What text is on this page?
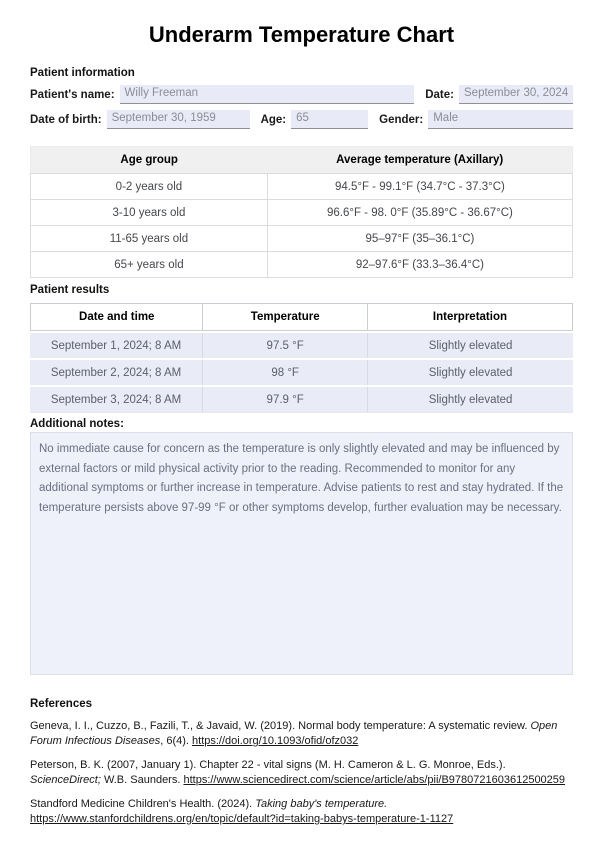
Underarm Temperature Chart
Patient information
Patient's name: Willy Freeman	Date: September 30, 2024
Date of birth: September 30, 1959	Age: 65	Gender: Male
Age group	Average temperature (Axillary)
0-2 years old	94.5°F - 99.1°F (34.7°C - 37.3°C)
3-10 years old	96.6°F - 98. 0°F (35.89°C - 36.67°C)
11-65 years old	95–97°F (35–36.1°C)
65+ years old	92–97.6°F (33.3–36.4°C)
Patient results
Date and time	Temperature	Interpretation
September 1, 2024; 8 AM	97.5 °F	Slightly elevated
September 2, 2024; 8 AM	98 °F	Slightly elevated
September 3, 2024; 8 AM	97.9 °F	Slightly elevated
Additional notes:
No immediate cause for concern as the temperature is only slightly elevated and may be influenced by external factors or mild physical activity prior to the reading. Recommended to monitor for any additional symptoms or further increase in temperature. Advise patients to rest and stay hydrated. If the temperature persists above 97-99 °F or other symptoms develop, further evaluation may be necessary.
References

Geneva, I. I., Cuzzo, B., Fazili, T., & Javaid, W. (2019). Normal body temperature: A systematic review. Open Forum Infectious Diseases, 6(4). https://doi.org/10.1093/ofid/ofz032

Peterson, B. K. (2007, January 1). Chapter 22 - vital signs (M. H. Cameron & L. G. Monroe, Eds.). ScienceDirect; W.B. Saunders. https://www.sciencedirect.com/science/article/abs/pii/B9780721603612500259

Standford Medicine Children's Health. (2024). Taking baby's temperature. https://www.stanfordchildrens.org/en/topic/default?id=taking-babys-temperature-1-1127
